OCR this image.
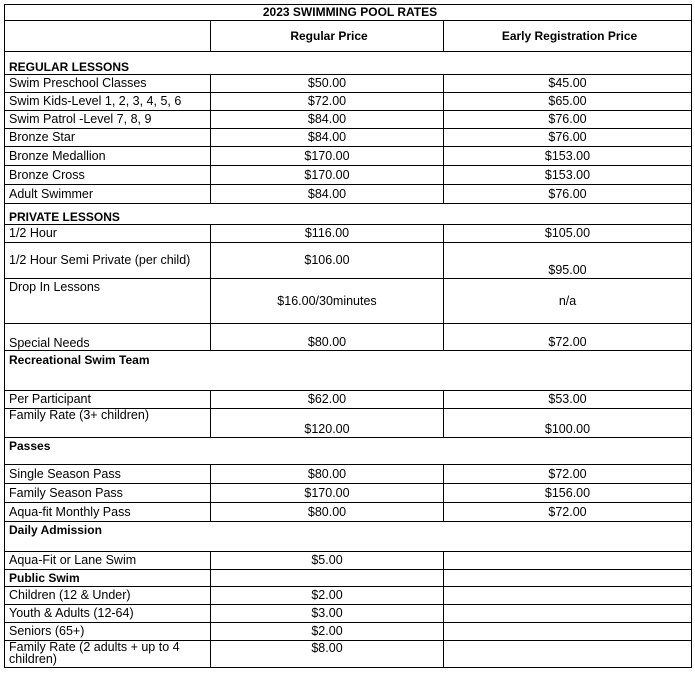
2023 SWIMMING POOL RATES		
	Regular Price	Early Registration Price
REGULAR LESSONS		
Swim Preschool Classes	$50.00	$45.00
Swim Kids-Level 1, 2, 3, 4, 5, 6	$72.00	$65.00
Swim Patrol -Level 7, 8, 9	$84.00	$76.00
Bronze Star	$84.00	$76.00
Bronze Medallion	$170.00	$153.00
Bronze Cross	$170.00	$153.00
Adult Swimmer	$84.00	$76.00
PRIVATE LESSONS		
1/2 Hour	$116.00	$105.00
1/2 Hour Semi Private (per child)	$106.00	$95.00
Drop In Lessons	$16.00/30minutes	n/a
Special Needs	$80.00	$72.00
Recreational Swim Team		
Per Participant	$62.00	$53.00
Family Rate (3+ children)	$120.00	$100.00
Passes		
Single Season Pass	$80.00	$72.00
Family Season Pass	$170.00	$156.00
Aqua-fit Monthly Pass	$80.00	$72.00
Daily Admission		
Aqua-Fit or Lane Swim	$5.00	
Public Swim		
Children (12 & Under)	$2.00	
Youth & Adults (12-64)	$3.00	
Seniors (65+)	$2.00	
Family Rate (2 adults + up to 4 children)	$8.00	
